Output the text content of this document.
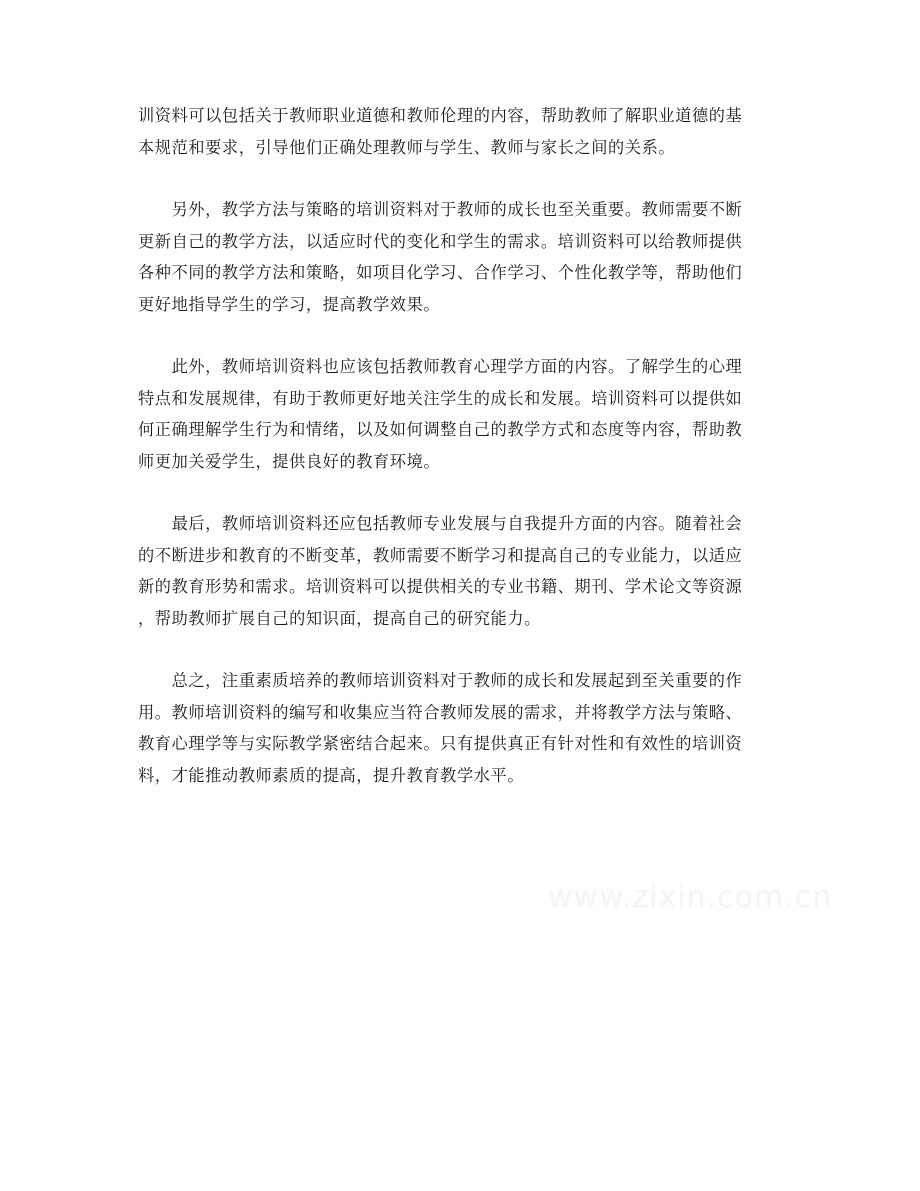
训资料可以包括关于教师职业道德和教师伦理的内容，帮助教师了解职业道德的基
本规范和要求，引导他们正确处理教师与学生、教师与家长之间的关系。

　　另外，教学方法与策略的培训资料对于教师的成长也至关重要。教师需要不断
更新自己的教学方法，以适应时代的变化和学生的需求。培训资料可以给教师提供
各种不同的教学方法和策略，如项目化学习、合作学习、个性化教学等，帮助他们
更好地指导学生的学习，提高教学效果。

　　此外，教师培训资料也应该包括教师教育心理学方面的内容。了解学生的心理
特点和发展规律，有助于教师更好地关注学生的成长和发展。培训资料可以提供如
何正确理解学生行为和情绪，以及如何调整自己的教学方式和态度等内容，帮助教
师更加关爱学生，提供良好的教育环境。

　　最后，教师培训资料还应包括教师专业发展与自我提升方面的内容。随着社会
的不断进步和教育的不断变革，教师需要不断学习和提高自己的专业能力，以适应
新的教育形势和需求。培训资料可以提供相关的专业书籍、期刊、学术论文等资源
，帮助教师扩展自己的知识面，提高自己的研究能力。

　　总之，注重素质培养的教师培训资料对于教师的成长和发展起到至关重要的作
用。教师培训资料的编写和收集应当符合教师发展的需求，并将教学方法与策略、
教育心理学等与实际教学紧密结合起来。只有提供真正有针对性和有效性的培训资
料，才能推动教师素质的提高，提升教育教学水平。

www.zixin.com.cn
